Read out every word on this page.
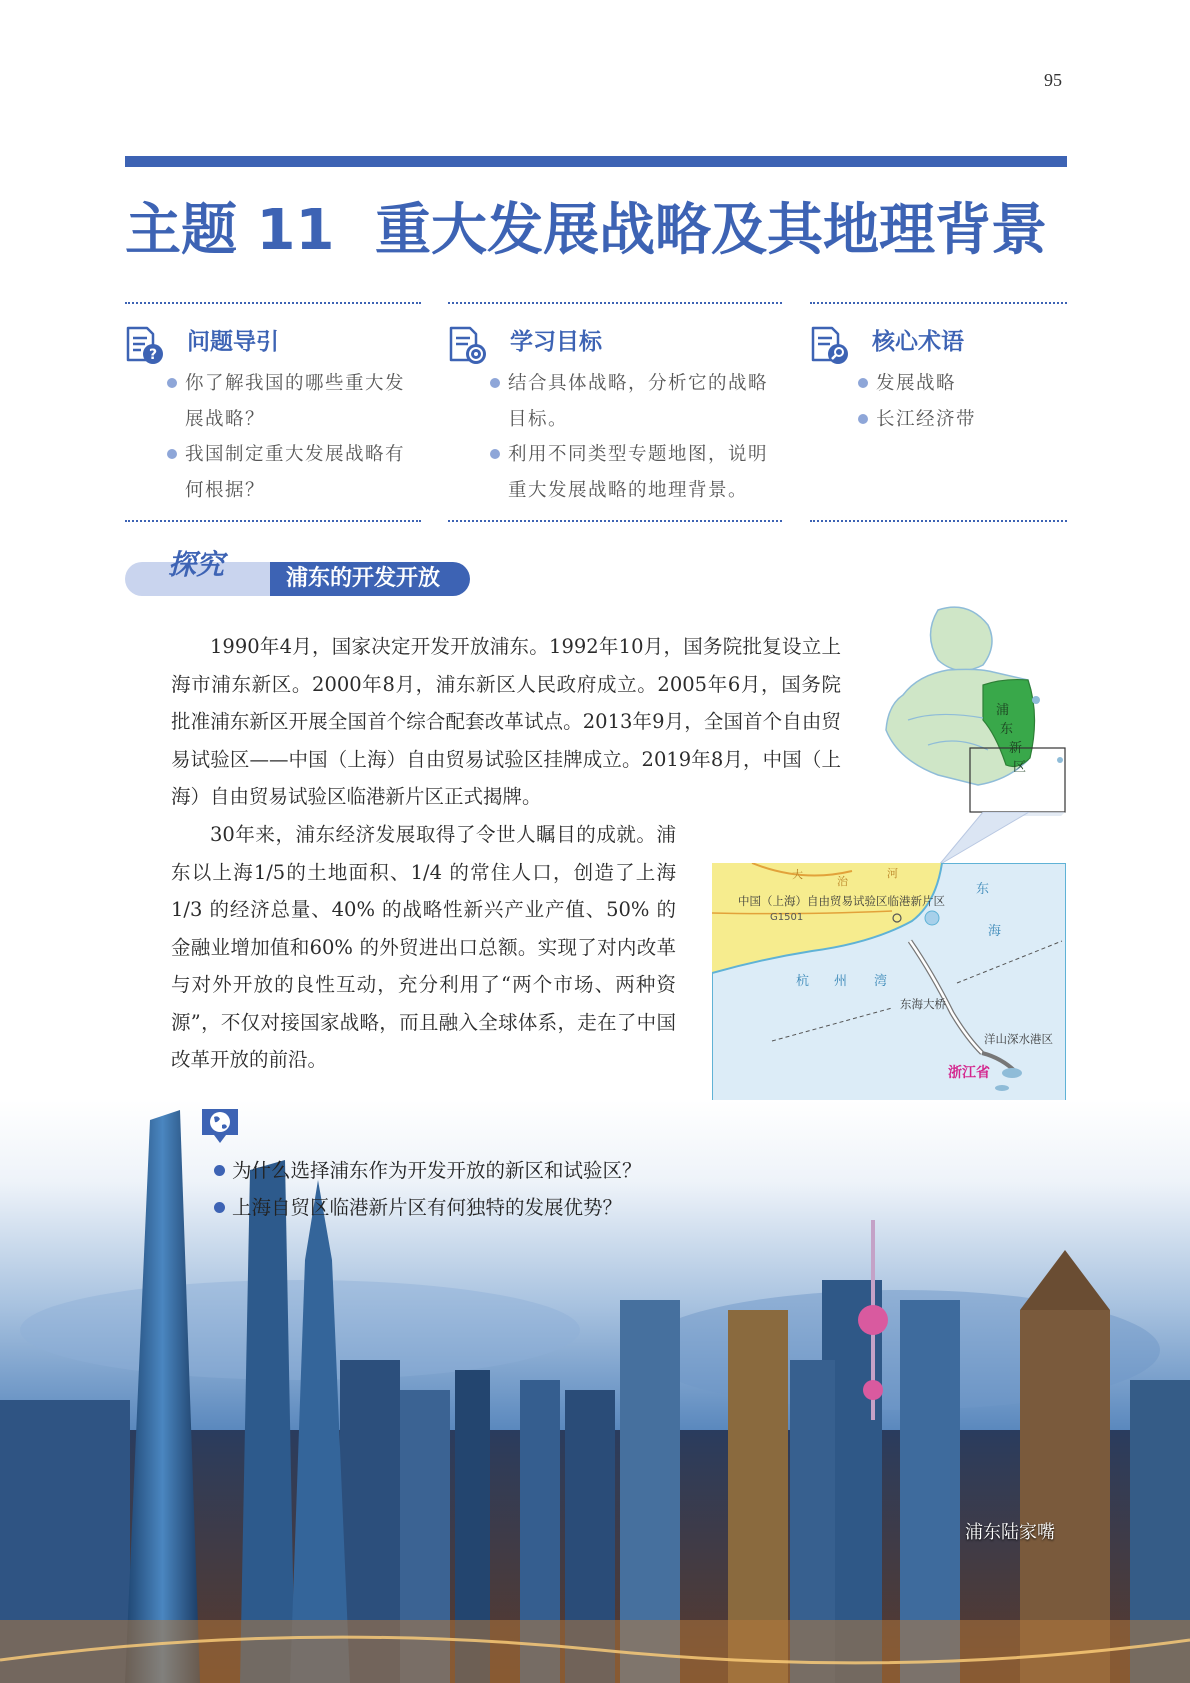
95
主题 11 重大发展战略及其地理背景
? 问题导引
你了解我国的哪些重大发展战略？
我国制定重大发展战略有何根据？
学习目标
结合具体战略，分析它的战略目标。
利用不同类型专题地图，说明重大发展战略的地理背景。
核心术语
发展战略
长江经济带
探究	浦东的开发开放
1990年4月，国家决定开发开放浦东。1992年10月，国务院批复设立上海市浦东新区。2000年8月，浦东新区人民政府成立。2005年6月，国务院批准浦东新区开展全国首个综合配套改革试点。2013年9月，全国首个自由贸易试验区——中国（上海）自由贸易试验区挂牌成立。2019年8月，中国（上海）自由贸易试验区临港新片区正式揭牌。
30年来，浦东经济发展取得了令世人瞩目的成就。浦东以上海1/5的土地面积、1/4 的常住人口，创造了上海1/3 的经济总量、40% 的战略性新兴产业产值、50% 的金融业增加值和60% 的外贸进出口总额。实现了对内改革与对外开放的良性互动，充分利用了“两个市场、两种资源”，不仅对接国家战略，而且融入全球体系，走在了中国改革开放的前沿。
浦
东
新
区
大
治
河
中国（上海）自由贸易试验区临港新片区
G1501
东
海
杭 州 湾
东海大桥
洋山深水港区
浙江省
浦东陆家嘴
为什么选择浦东作为开发开放的新区和试验区？
上海自贸区临港新片区有何独特的发展优势？
